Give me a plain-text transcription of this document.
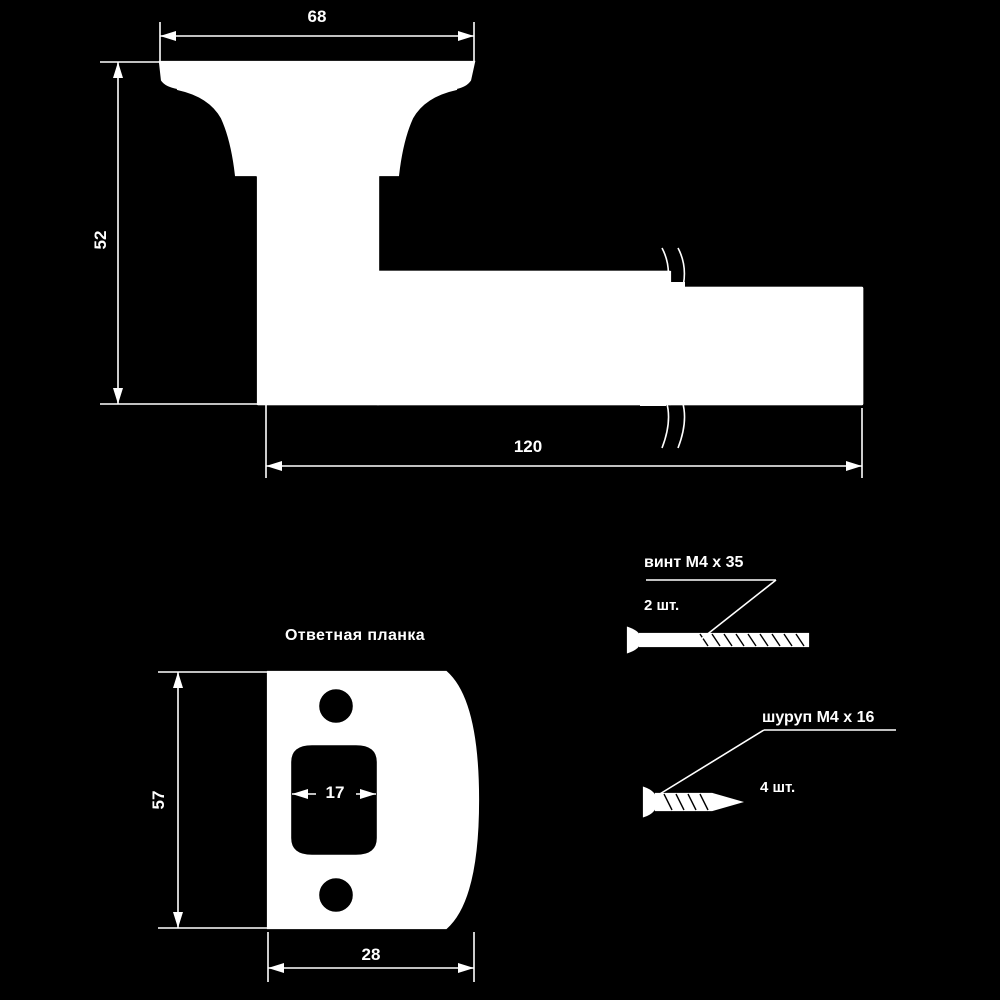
52
120
68
Ответная планка
57
28
17	26
винт M4 x 35
2 шт.
шуруп M4 x 16
4 шт.
